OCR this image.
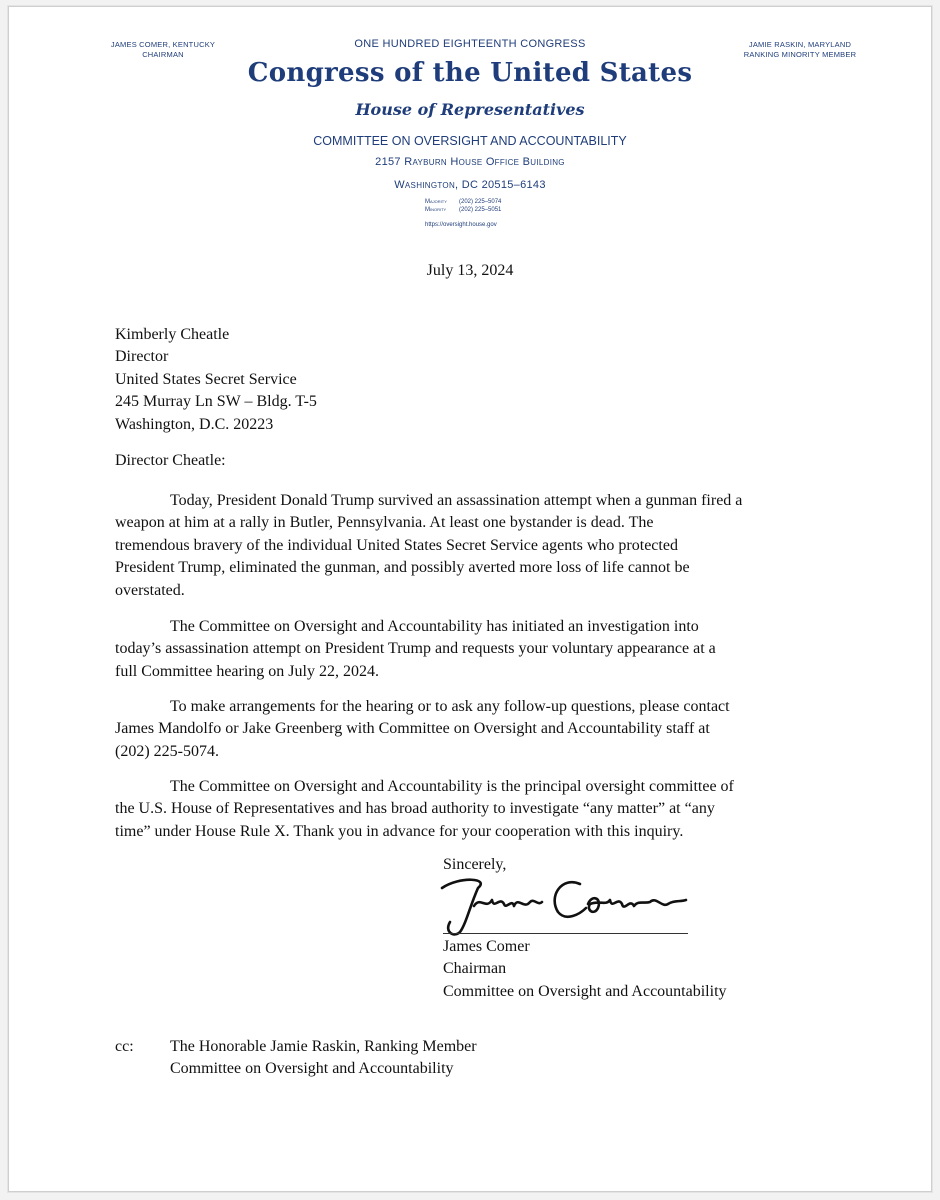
JAMES COMER, KENTUCKY
CHAIRMAN
JAMIE RASKIN, MARYLAND
RANKING MINORITY MEMBER
ONE HUNDRED EIGHTEENTH CONGRESS
Congress of the United States
House of Representatives
COMMITTEE ON OVERSIGHT AND ACCOUNTABILITY
2157 Rayburn House Office Building
Washington, DC 20515–6143
Majority (202) 225–5074
Minority (202) 225–5051
https://oversight.house.gov
July 13, 2024
Kimberly Cheatle
Director
United States Secret Service
245 Murray Ln SW – Bldg. T-5
Washington, D.C. 20223
Director Cheatle:
Today, President Donald Trump survived an assassination attempt when a gunman fired a
weapon at him at a rally in Butler, Pennsylvania. At least one bystander is dead. The
tremendous bravery of the individual United States Secret Service agents who protected
President Trump, eliminated the gunman, and possibly averted more loss of life cannot be
overstated.
The Committee on Oversight and Accountability has initiated an investigation into
today’s assassination attempt on President Trump and requests your voluntary appearance at a
full Committee hearing on July 22, 2024.
To make arrangements for the hearing or to ask any follow-up questions, please contact
James Mandolfo or Jake Greenberg with Committee on Oversight and Accountability staff at
(202) 225-5074.
The Committee on Oversight and Accountability is the principal oversight committee of
the U.S. House of Representatives and has broad authority to investigate “any matter” at “any
time” under House Rule X. Thank you in advance for your cooperation with this inquiry.
Sincerely,
James Comer
Chairman
Committee on Oversight and Accountability
cc: The Honorable Jamie Raskin, Ranking Member
Committee on Oversight and Accountability
